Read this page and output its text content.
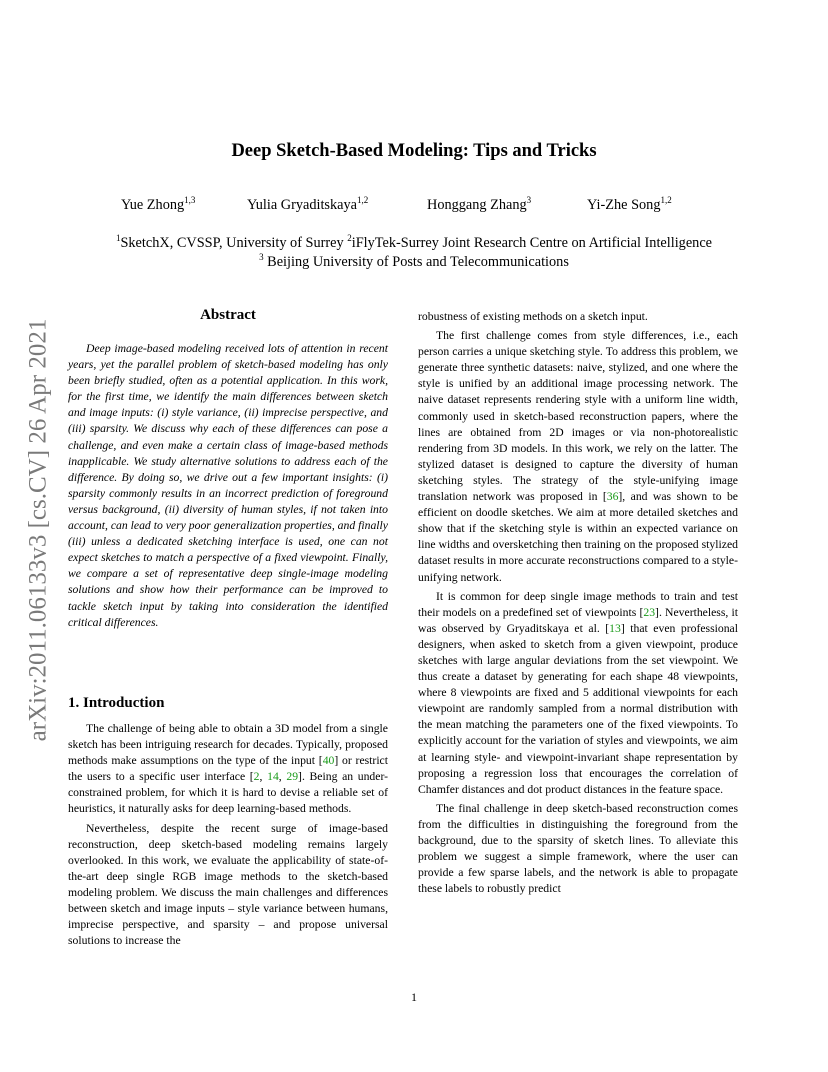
arXiv:2011.06133v3 [cs.CV] 26 Apr 2021
Deep Sketch-Based Modeling: Tips and Tricks
Yue Zhong$^{1,3}$	Yulia Gryaditskaya$^{1,2}$	Honggang Zhang$^3$	Yi-Zhe Song$^{1,2}$
$^1$SketchX, CVSSP, University of Surrey $^2$iFlyTek-Surrey Joint Research Centre on Artificial Intelligence
$^3$ Beijing University of Posts and Telecommunications
Abstract
Deep image-based modeling received lots of attention in recent years, yet the parallel problem of sketch-based modeling has only been briefly studied, often as a potential application. In this work, for the first time, we identify the main differences between sketch and image inputs: (i) style variance, (ii) imprecise perspective, and (iii) sparsity. We discuss why each of these differences can pose a challenge, and even make a certain class of image-based methods inapplicable. We study alternative solutions to address each of the difference. By doing so, we drive out a few important insights: (i) sparsity commonly results in an incorrect prediction of foreground versus background, (ii) diversity of human styles, if not taken into account, can lead to very poor generalization properties, and finally (iii) unless a dedicated sketching interface is used, one can not expect sketches to match a perspective of a fixed viewpoint. Finally, we compare a set of representative deep single-image modeling solutions and show how their performance can be improved to tackle sketch input by taking into consideration the identified critical differences.
1. Introduction

The challenge of being able to obtain a 3D model from a single sketch has been intriguing research for decades. Typically, proposed methods make assumptions on the type of the input [40] or restrict the users to a specific user interface [2, 14, 29]. Being an under-constrained problem, for which it is hard to devise a reliable set of heuristics, it naturally asks for deep learning-based methods.

Nevertheless, despite the recent surge of image-based reconstruction, deep sketch-based modeling remains largely overlooked. In this work, we evaluate the applicability of state-of-the-art deep single RGB image methods to the sketch-based modeling problem. We discuss the main challenges and differences between sketch and image inputs – style variance between humans, imprecise perspective, and sparsity – and propose universal solutions to increase the

robustness of existing methods on a sketch input.

The first challenge comes from style differences, i.e., each person carries a unique sketching style. To address this problem, we generate three synthetic datasets: naive, stylized, and one where the style is unified by an additional image processing network. The naive dataset represents rendering style with a uniform line width, commonly used in sketch-based reconstruction papers, where the lines are obtained from 2D images or via non-photorealistic rendering from 3D models. In this work, we rely on the latter. The stylized dataset is designed to capture the diversity of human sketching styles. The strategy of the style-unifying image translation network was proposed in [36], and was shown to be efficient on doodle sketches. We aim at more detailed sketches and show that if the sketching style is within an expected variance on line widths and oversketching then training on the proposed stylized dataset results in more accurate reconstructions compared to a style-unifying network.

It is common for deep single image methods to train and test their models on a predefined set of viewpoints [23]. Nevertheless, it was observed by Gryaditskaya et al. [13] that even professional designers, when asked to sketch from a given viewpoint, produce sketches with large angular deviations from the set viewpoint. We thus create a dataset by generating for each shape 48 viewpoints, where 8 viewpoints are fixed and 5 additional viewpoints for each viewpoint are randomly sampled from a normal distribution with the mean matching the parameters one of the fixed viewpoints. To explicitly account for the variation of styles and viewpoints, we aim at learning style- and viewpoint-invariant shape representation by proposing a regression loss that encourages the correlation of Chamfer distances and dot product distances in the feature space.

The final challenge in deep sketch-based reconstruction comes from the difficulties in distinguishing the foreground from the background, due to the sparsity of sketch lines. To alleviate this problem we suggest a simple framework, where the user can provide a few sparse labels, and the network is able to propagate these labels to robustly predict

1
